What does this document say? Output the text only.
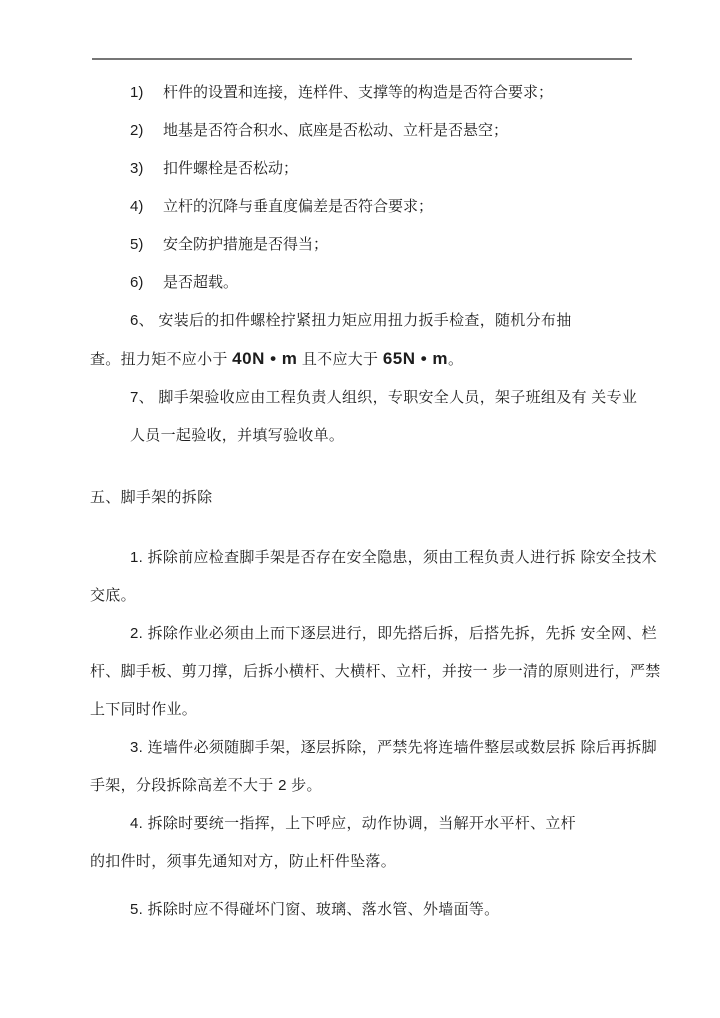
1)	杆件的设置和连接，连样件、支撑等的构造是否符合要求；
2)	地基是否符合积水、底座是否松动、立杆是否悬空；
3)	扣件螺栓是否松动；
4)	立杆的沉降与垂直度偏差是否符合要求；
5)	安全防护措施是否得当；
6)	是否超载。
6、 安装后的扣件螺栓拧紧扭力矩应用扭力扳手检查，随机分布抽
查。扭力矩不应小于 40N • m 且不应大于 65N • m。
7、 脚手架验收应由工程负责人组织，专职安全人员，架子班组及有 关专业
人员一起验收，并填写验收单。
五、脚手架的拆除
1. 拆除前应检查脚手架是否存在安全隐患，须由工程负责人进行拆 除安全技术
交底。
2. 拆除作业必须由上而下逐层进行，即先搭后拆，后搭先拆，先拆 安全网、栏
杆、脚手板、剪刀撑，后拆小横杆、大横杆、立杆，并按一 步一清的原则进行，严禁
上下同时作业。
3. 连墙件必须随脚手架，逐层拆除，严禁先将连墙件整层或数层拆 除后再拆脚
手架，分段拆除高差不大于 2 步。
4. 拆除时要统一指挥，上下呼应，动作协调，当解开水平杆、立杆
的扣件时，须事先通知对方，防止杆件坠落。
5. 拆除时应不得碰坏门窗、玻璃、落水管、外墙面等。
